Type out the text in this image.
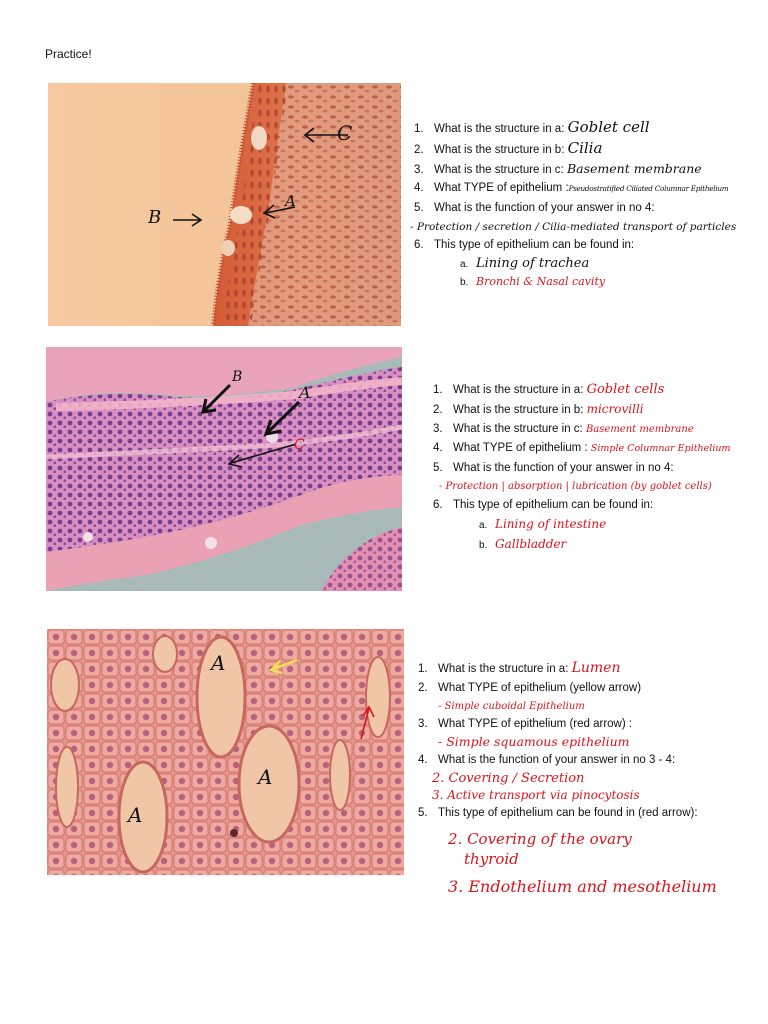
Practice!
C
A
B
1. What is the structure in a: Goblet cell
2. What is the structure in b: Cilia
3. What is the structure in c: Basement membrane
4. What TYPE of epithelium :Pseudostratified Ciliated Columnar Epithelium
5. What is the function of your answer in no 4:
- Protection / secretion / Cilia-mediated transport of particles
6. This type of epithelium can be found in:
a. Lining of trachea
b. Bronchi & Nasal cavity
B
A
C
1. What is the structure in a: Goblet cells
2. What is the structure in b: microvilli
3. What is the structure in c: Basement membrane
4. What TYPE of epithelium : Simple Columnar Epithelium
5. What is the function of your answer in no 4:
- Protection | absorption | lubrication (by goblet cells)
6. This type of epithelium can be found in:
a. Lining of intestine
b. Gallbladder
A
A
A
1. What is the structure in a: Lumen
2. What TYPE of epithelium (yellow arrow)
- Simple cuboidal Epithelium
3. What TYPE of epithelium (red arrow) :
- Simple squamous epithelium
4. What is the function of your answer in no 3 - 4:
2. Covering / Secretion
3. Active transport via pinocytosis
5. This type of epithelium can be found in (red arrow):
2. Covering of the ovary
thyroid
3. Endothelium and mesothelium
